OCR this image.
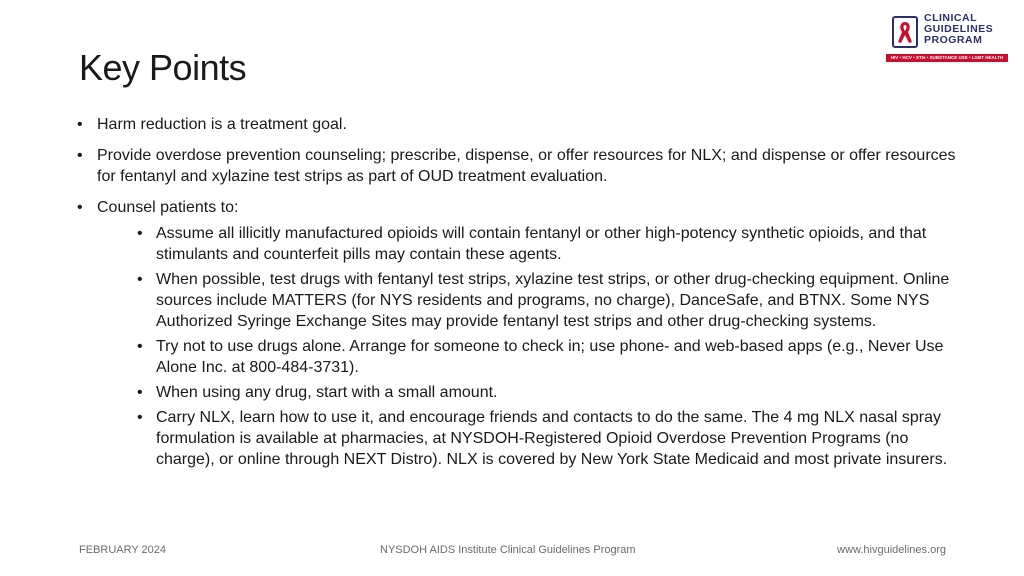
Key Points
CLINICAL
GUIDELINES
PROGRAM
HIV • HCV • STIs • SUBSTANCE USE • LGBT HEALTH
• Harm reduction is a treatment goal.
• Provide overdose prevention counseling; prescribe, dispense, or offer resources for NLX; and dispense or offer resources for fentanyl and xylazine test strips as part of OUD treatment evaluation.
• Counsel patients to:
• Assume all illicitly manufactured opioids will contain fentanyl or other high-potency synthetic opioids, and that stimulants and counterfeit pills may contain these agents.
• When possible, test drugs with fentanyl test strips, xylazine test strips, or other drug-checking equipment. Online sources include MATTERS (for NYS residents and programs, no charge), DanceSafe, and BTNX. Some NYS Authorized Syringe Exchange Sites may provide fentanyl test strips and other drug-checking systems.
• Try not to use drugs alone. Arrange for someone to check in; use phone- and web-based apps (e.g., Never Use Alone Inc. at 800-484-3731).
• When using any drug, start with a small amount.
• Carry NLX, learn how to use it, and encourage friends and contacts to do the same. The 4 mg NLX nasal spray formulation is available at pharmacies, at NYSDOH-Registered Opioid Overdose Prevention Programs (no charge), or online through NEXT Distro). NLX is covered by New York State Medicaid and most private insurers.
FEBRUARY 2024	NYSDOH AIDS Institute Clinical Guidelines Program	www.hivguidelines.org
